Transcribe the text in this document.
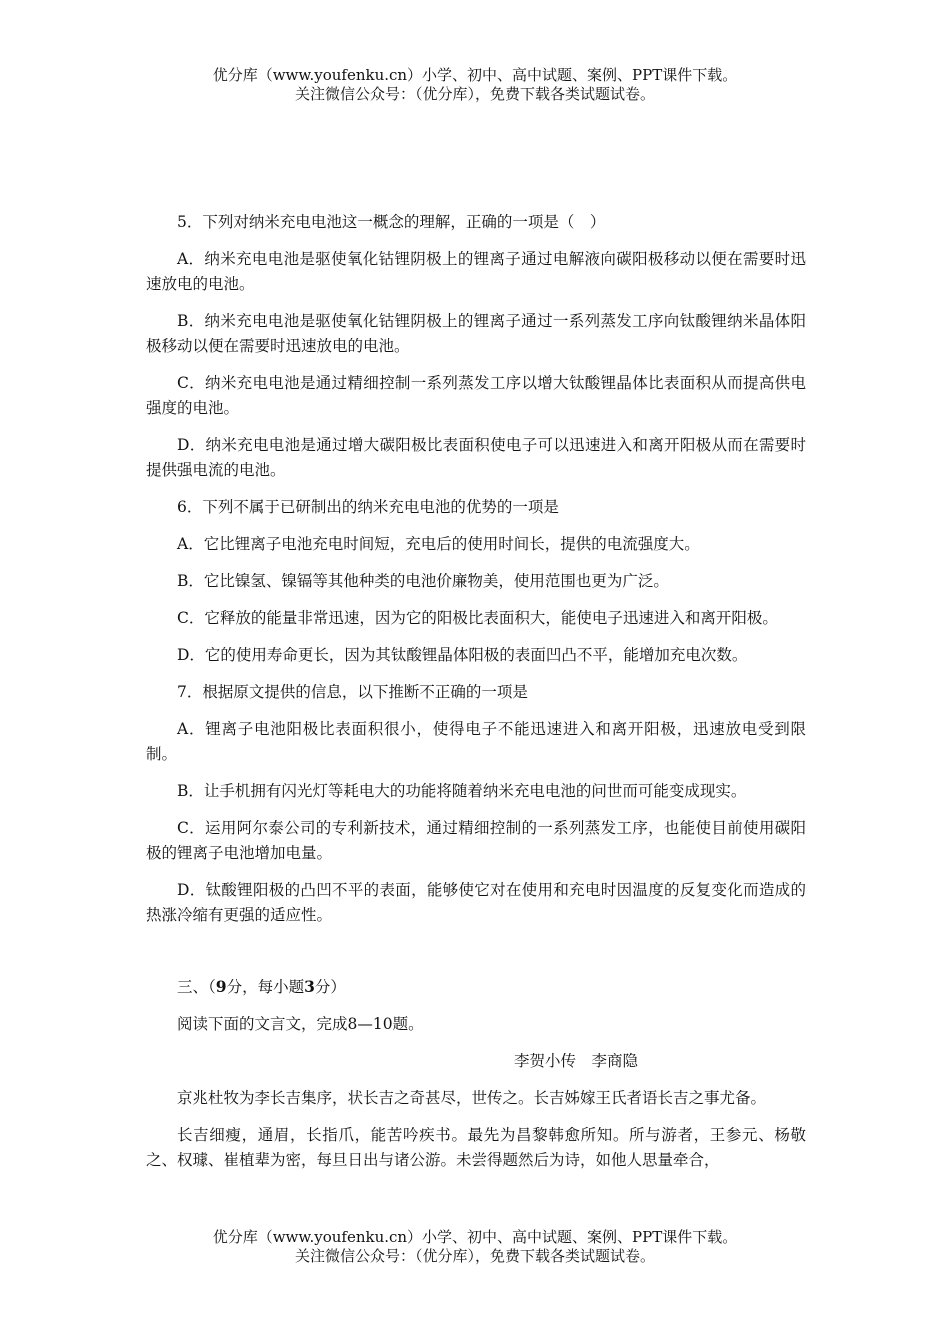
优分库（www.youfenku.cn）小学、初中、高中试题、案例、PPT课件下载。
关注微信公众号：（优分库），免费下载各类试题试卷。

5．下列对纳米充电电池这一概念的理解，正确的一项是（　）

A．纳米充电电池是驱使氧化钴锂阴极上的锂离子通过电解液向碳阳极移动以便在需要时迅速放电的电池。

B．纳米充电电池是驱使氧化钴锂阴极上的锂离子通过一系列蒸发工序向钛酸锂纳米晶体阳极移动以便在需要时迅速放电的电池。

C．纳米充电电池是通过精细控制一系列蒸发工序以增大钛酸锂晶体比表面积从而提高供电强度的电池。

D．纳米充电电池是通过增大碳阳极比表面积使电子可以迅速进入和离开阳极从而在需要时提供强电流的电池。

6．下列不属于已研制出的纳米充电电池的优势的一项是

A．它比锂离子电池充电时间短，充电后的使用时间长，提供的电流强度大。

B．它比镍氢、镍镉等其他种类的电池价廉物美，使用范围也更为广泛。

C．它释放的能量非常迅速，因为它的阳极比表面积大，能使电子迅速进入和离开阳极。

D．它的使用寿命更长，因为其钛酸锂晶体阳极的表面凹凸不平，能增加充电次数。

7．根据原文提供的信息，以下推断不正确的一项是

A．锂离子电池阳极比表面积很小，使得电子不能迅速进入和离开阳极，迅速放电受到限制。

B．让手机拥有闪光灯等耗电大的功能将随着纳米充电电池的问世而可能变成现实。

C．运用阿尔泰公司的专利新技术，通过精细控制的一系列蒸发工序，也能使目前使用碳阳极的锂离子电池增加电量。

D．钛酸锂阳极的凸凹不平的表面，能够使它对在使用和充电时因温度的反复变化而造成的热涨冷缩有更强的适应性。

三、（9分，每小题3分）

阅读下面的文言文，完成8—10题。

李贺小传　李商隐

京兆杜牧为李长吉集序，状长吉之奇甚尽，世传之。长吉姊嫁王氏者语长吉之事尤备。

长吉细瘦，通眉，长指爪，能苦吟疾书。最先为昌黎韩愈所知。所与游者，王参元、杨敬之、权璩、崔植辈为密，每旦日出与诸公游。未尝得题然后为诗，如他人思量牵合，

优分库（www.youfenku.cn）小学、初中、高中试题、案例、PPT课件下载。
关注微信公众号：（优分库），免费下载各类试题试卷。
